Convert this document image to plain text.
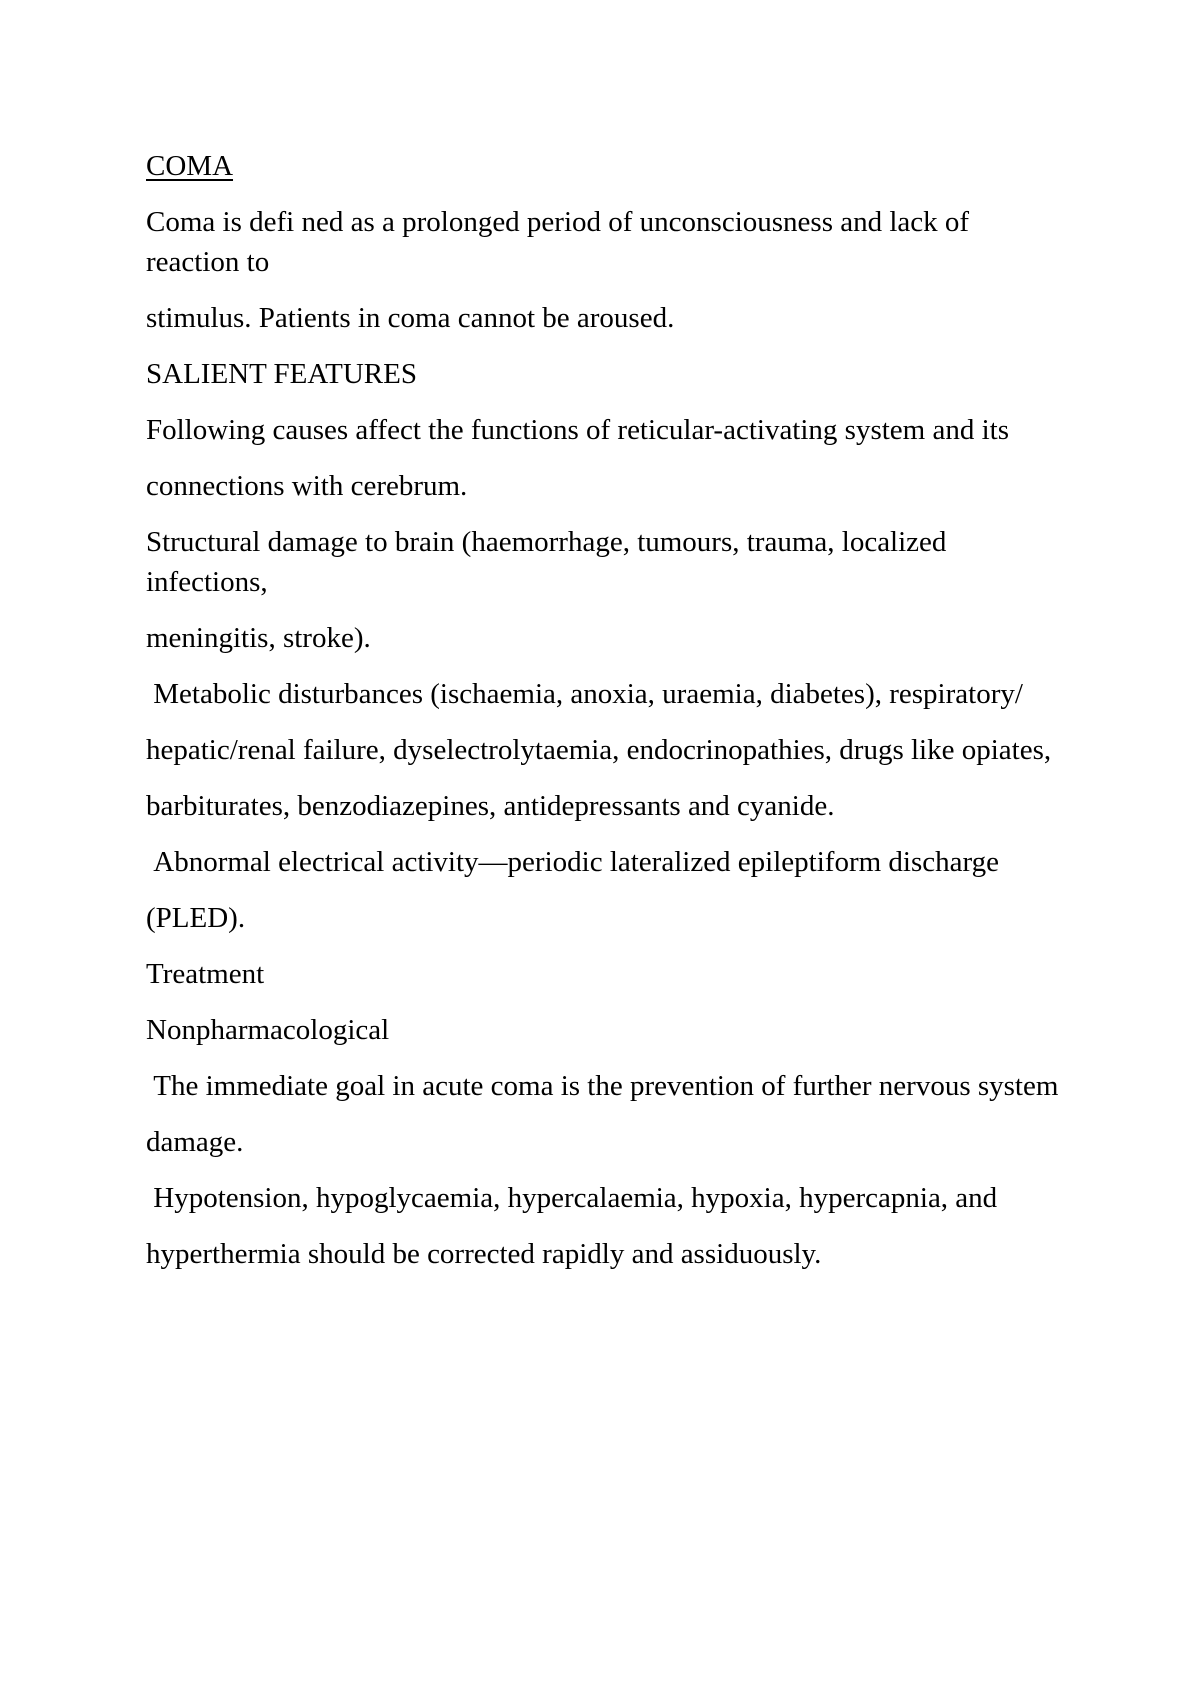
COMA

Coma is defi ned as a prolonged period of unconsciousness and lack of reaction to

stimulus. Patients in coma cannot be aroused.

SALIENT FEATURES

Following causes affect the functions of reticular-activating system and its

connections with cerebrum.

Structural damage to brain (haemorrhage, tumours, trauma, localized infections,

meningitis, stroke).

Metabolic disturbances (ischaemia, anoxia, uraemia, diabetes), respiratory/

hepatic/renal failure, dyselectrolytaemia, endocrinopathies, drugs like opiates,

barbiturates, benzodiazepines, antidepressants and cyanide.

Abnormal electrical activity—periodic lateralized epileptiform discharge

(PLED).

Treatment

Nonpharmacological

The immediate goal in acute coma is the prevention of further nervous system

damage.

Hypotension, hypoglycaemia, hypercalaemia, hypoxia, hypercapnia, and

hyperthermia should be corrected rapidly and assiduously.
